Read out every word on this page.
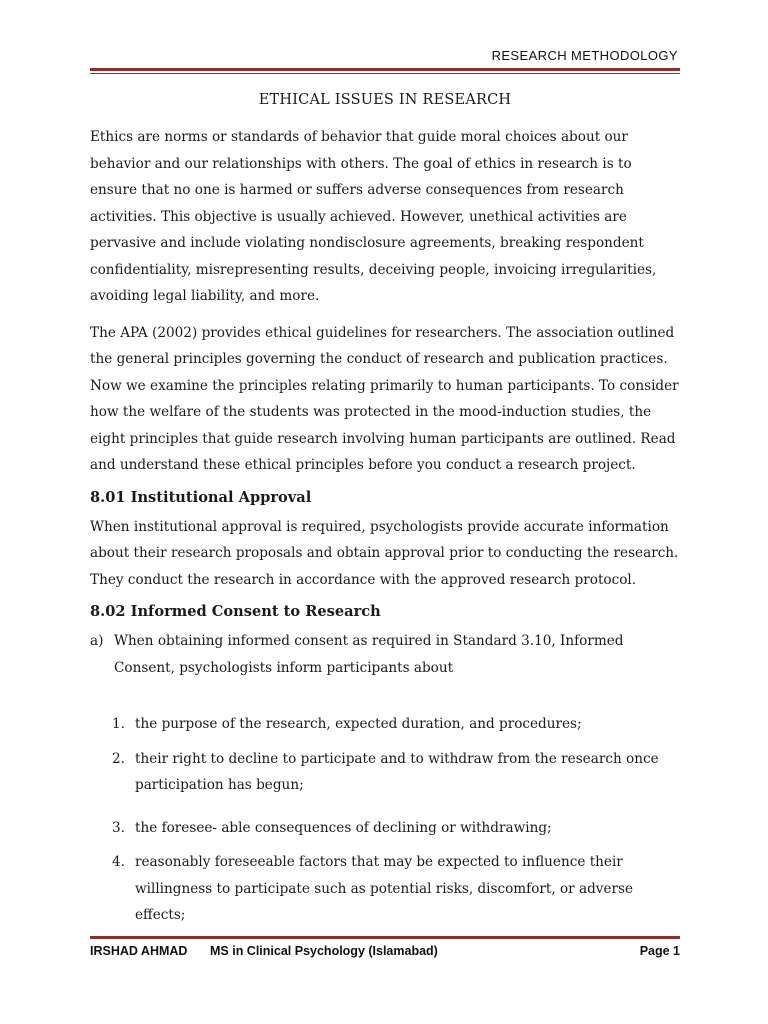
RESEARCH METHODOLOGY
ETHICAL ISSUES IN RESEARCH

Ethics are norms or standards of behavior that guide moral choices about our behavior and our relationships with others. The goal of ethics in research is to ensure that no one is harmed or suffers adverse consequences from research activities. This objective is usually achieved. However, unethical activities are pervasive and include violating nondisclosure agreements, breaking respondent confidentiality, misrepresenting results, deceiving people, invoicing irregularities, avoiding legal liability, and more.

The APA (2002) provides ethical guidelines for researchers. The association outlined the general principles governing the conduct of research and publication practices. Now we examine the principles relating primarily to human participants. To consider how the welfare of the students was protected in the mood-induction studies, the eight principles that guide research involving human participants are outlined. Read and understand these ethical principles before you conduct a research project.

8.01 Institutional Approval

When institutional approval is required, psychologists provide accurate information about their research proposals and obtain approval prior to conducting the research. They conduct the research in accordance with the approved research protocol.

8.02 Informed Consent to Research
a) When obtaining informed consent as required in Standard 3.10, Informed Consent, psychologists inform participants about
1. the purpose of the research, expected duration, and procedures;
2. their right to decline to participate and to withdraw from the research once participation has begun;
3. the foresee- able consequences of declining or withdrawing;
4. reasonably foreseeable factors that may be expected to influence their willingness to participate such as potential risks, discomfort, or adverse effects;
IRSHAD AHMAD MS in Clinical Psychology (Islamabad)	Page 1
